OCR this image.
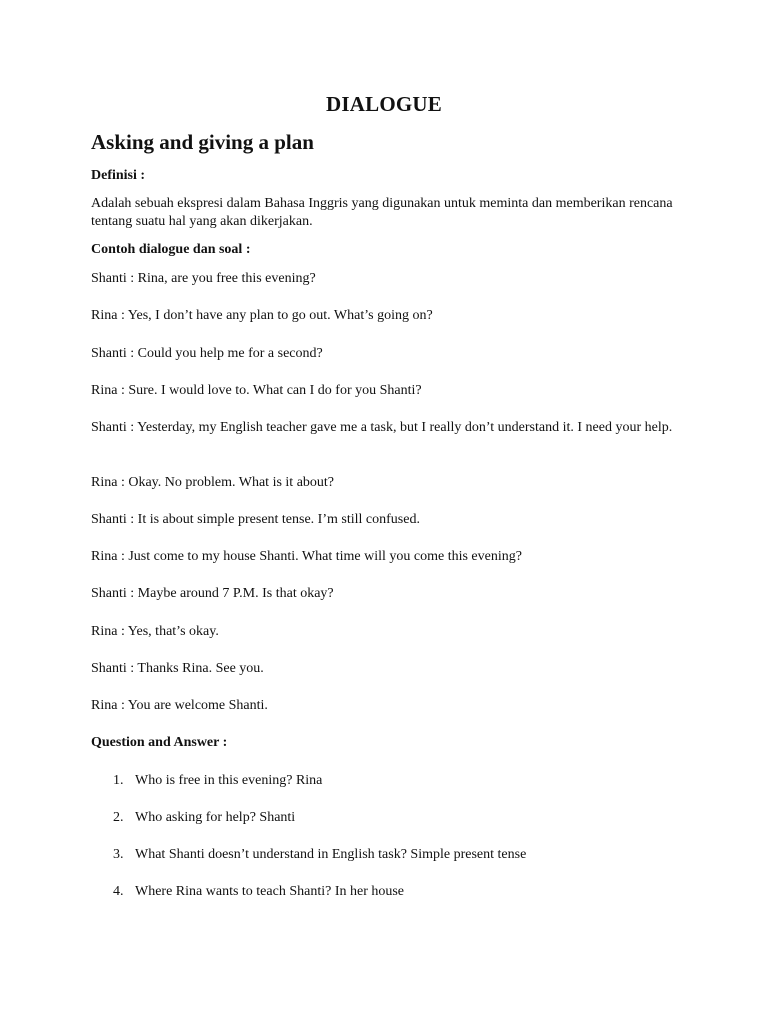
DIALOGUE
Asking and giving a plan
Definisi :
Adalah sebuah ekspresi dalam Bahasa Inggris yang digunakan untuk meminta dan memberikan rencana tentang suatu hal yang akan dikerjakan.
Contoh dialogue dan soal :
Shanti : Rina, are you free this evening?
Rina : Yes, I don’t have any plan to go out. What’s going on?
Shanti : Could you help me for a second?
Rina : Sure. I would love to. What can I do for you Shanti?
Shanti : Yesterday, my English teacher gave me a task, but I really don’t understand it. I need your help.
Rina : Okay. No problem. What is it about?
Shanti : It is about simple present tense. I’m still confused.
Rina : Just come to my house Shanti. What time will you come this evening?
Shanti : Maybe around 7 P.M. Is that okay?
Rina : Yes, that’s okay.
Shanti : Thanks Rina. See you.
Rina : You are welcome Shanti.
Question and Answer :
1. Who is free in this evening? Rina
2. Who asking for help? Shanti
3. What Shanti doesn’t understand in English task? Simple present tense
4. Where Rina wants to teach Shanti? In her house
